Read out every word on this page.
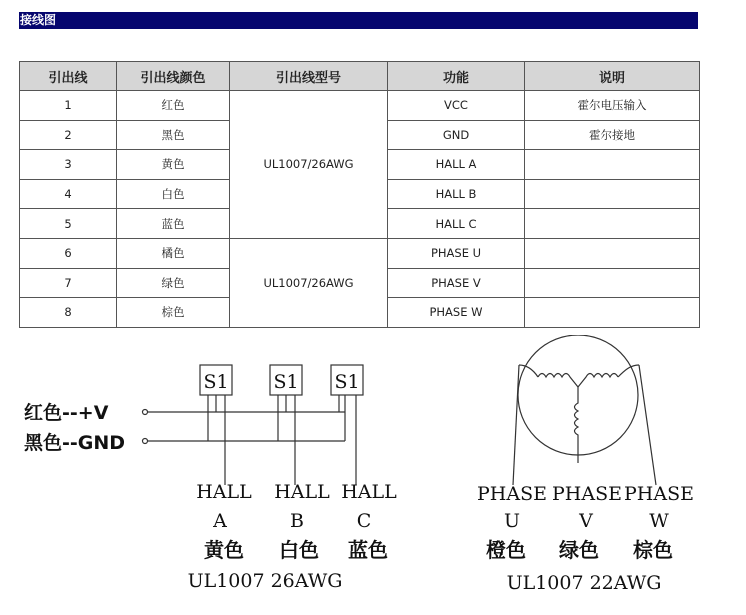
接线图
引出线	引出线颜色	引出线型号	功能	说明
1	红色	UL1007/26AWG	VCC	霍尔电压输入
2	黑色		GND	霍尔接地
3	黄色		HALL A	
4	白色		HALL B	
5	蓝色		HALL C	
6	橘色	UL1007/26AWG	PHASE U	
7	绿色		PHASE V	
8	棕色		PHASE W	
S1 S1 S1
红色--+V
黑色--GND
HALL HALL HALL
A	B	C
黄色 白色 蓝色
UL1007 26AWG
PHASE PHASE PHASE
U	V	W
橙色 绿色 棕色
UL1007 22AWG
